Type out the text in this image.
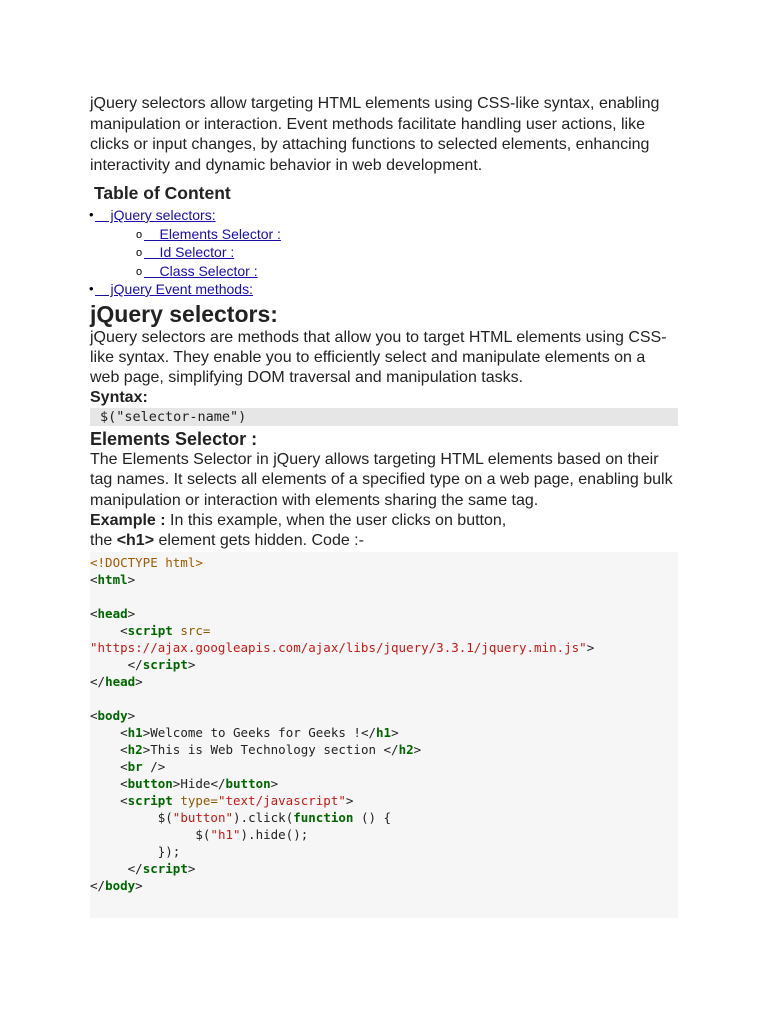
jQuery selectors allow targeting HTML elements using CSS-like syntax, enabling manipulation or interaction. Event methods facilitate handling user actions, like clicks or input changes, by attaching functions to selected elements, enhancing interactivity and dynamic behavior in web development.

Table of Content
•     jQuery selectors:
o     Elements Selector :
o     Id Selector :
o     Class Selector :
•     jQuery Event methods:
jQuery selectors:

jQuery selectors are methods that allow you to target HTML elements using CSS-like syntax. They enable you to efficiently select and manipulate elements on a web page, simplifying DOM traversal and manipulation tasks.

Syntax:
$("selector-name")
Elements Selector :

The Elements Selector in jQuery allows targeting HTML elements based on their tag names. It selects all elements of a specified type on a web page, enabling bulk manipulation or interaction with elements sharing the same tag.

Example : In this example, when the user clicks on button,

the <h1> element gets hidden. Code :-

<!DOCTYPE html>
<html>

<head>
<script src=
"https://ajax.googleapis.com/ajax/libs/jquery/3.3.1/jquery.min.js">
</script>
</head>

<body>
<h1>Welcome to Geeks for Geeks !</h1>
<h2>This is Web Technology section </h2>
<br />
<button>Hide</button>
<script type="text/javascript">
$("button").click(function () {
$("h1").hide();
});
</script>
</body>
